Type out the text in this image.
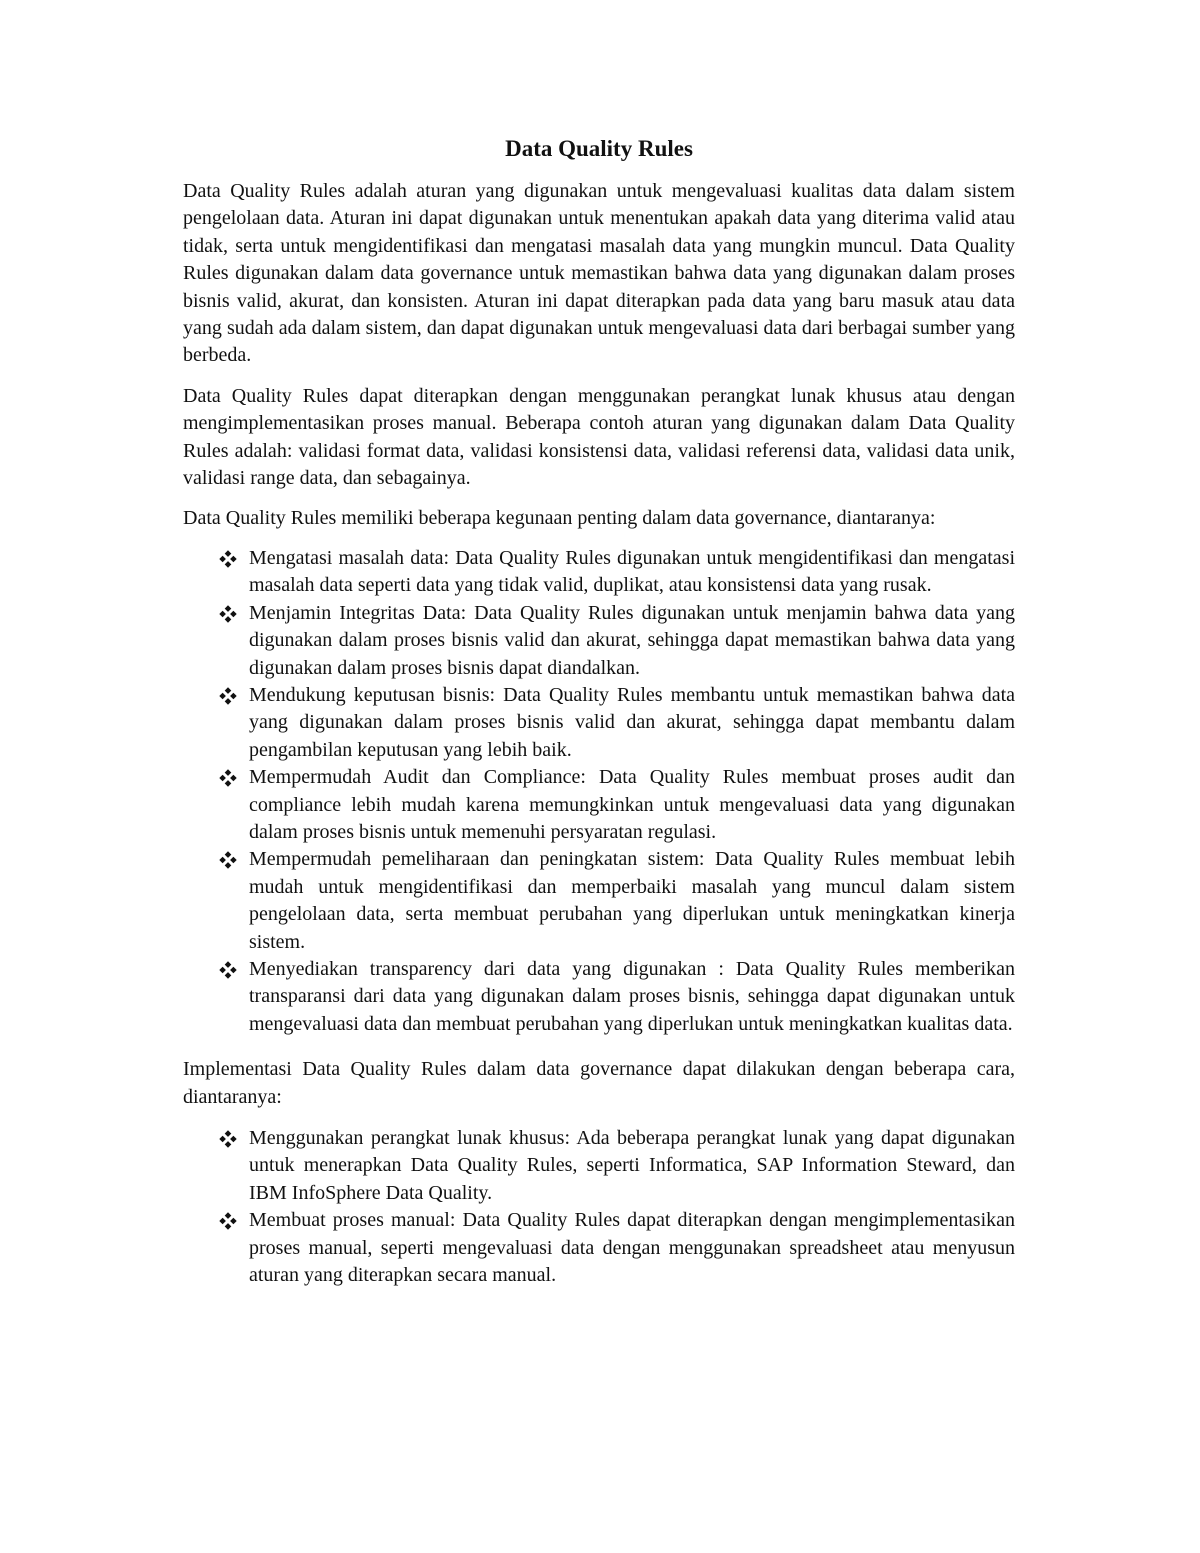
Data Quality Rules

Data Quality Rules adalah aturan yang digunakan untuk mengevaluasi kualitas data dalam sistem pengelolaan data. Aturan ini dapat digunakan untuk menentukan apakah data yang diterima valid atau tidak, serta untuk mengidentifikasi dan mengatasi masalah data yang mungkin muncul. Data Quality Rules digunakan dalam data governance untuk memastikan bahwa data yang digunakan dalam proses bisnis valid, akurat, dan konsisten. Aturan ini dapat diterapkan pada data yang baru masuk atau data yang sudah ada dalam sistem, dan dapat digunakan untuk mengevaluasi data dari berbagai sumber yang berbeda.

Data Quality Rules dapat diterapkan dengan menggunakan perangkat lunak khusus atau dengan mengimplementasikan proses manual. Beberapa contoh aturan yang digunakan dalam Data Quality Rules adalah: validasi format data, validasi konsistensi data, validasi referensi data, validasi data unik, validasi range data, dan sebagainya.

Data Quality Rules memiliki beberapa kegunaan penting dalam data governance, diantaranya:

Mengatasi masalah data: Data Quality Rules digunakan untuk mengidentifikasi dan mengatasi masalah data seperti data yang tidak valid, duplikat, atau konsistensi data yang rusak.
Menjamin Integritas Data: Data Quality Rules digunakan untuk menjamin bahwa data yang digunakan dalam proses bisnis valid dan akurat, sehingga dapat memastikan bahwa data yang digunakan dalam proses bisnis dapat diandalkan.
Mendukung keputusan bisnis: Data Quality Rules membantu untuk memastikan bahwa data yang digunakan dalam proses bisnis valid dan akurat, sehingga dapat membantu dalam pengambilan keputusan yang lebih baik.
Mempermudah Audit dan Compliance: Data Quality Rules membuat proses audit dan compliance lebih mudah karena memungkinkan untuk mengevaluasi data yang digunakan dalam proses bisnis untuk memenuhi persyaratan regulasi.
Mempermudah pemeliharaan dan peningkatan sistem: Data Quality Rules membuat lebih mudah untuk mengidentifikasi dan memperbaiki masalah yang muncul dalam sistem pengelolaan data, serta membuat perubahan yang diperlukan untuk meningkatkan kinerja sistem.
Menyediakan transparency dari data yang digunakan : Data Quality Rules memberikan transparansi dari data yang digunakan dalam proses bisnis, sehingga dapat digunakan untuk mengevaluasi data dan membuat perubahan yang diperlukan untuk meningkatkan kualitas data.

Implementasi Data Quality Rules dalam data governance dapat dilakukan dengan beberapa cara, diantaranya:

Menggunakan perangkat lunak khusus: Ada beberapa perangkat lunak yang dapat digunakan untuk menerapkan Data Quality Rules, seperti Informatica, SAP Information Steward, dan IBM InfoSphere Data Quality.
Membuat proses manual: Data Quality Rules dapat diterapkan dengan mengimplementasikan proses manual, seperti mengevaluasi data dengan menggunakan spreadsheet atau menyusun aturan yang diterapkan secara manual.
